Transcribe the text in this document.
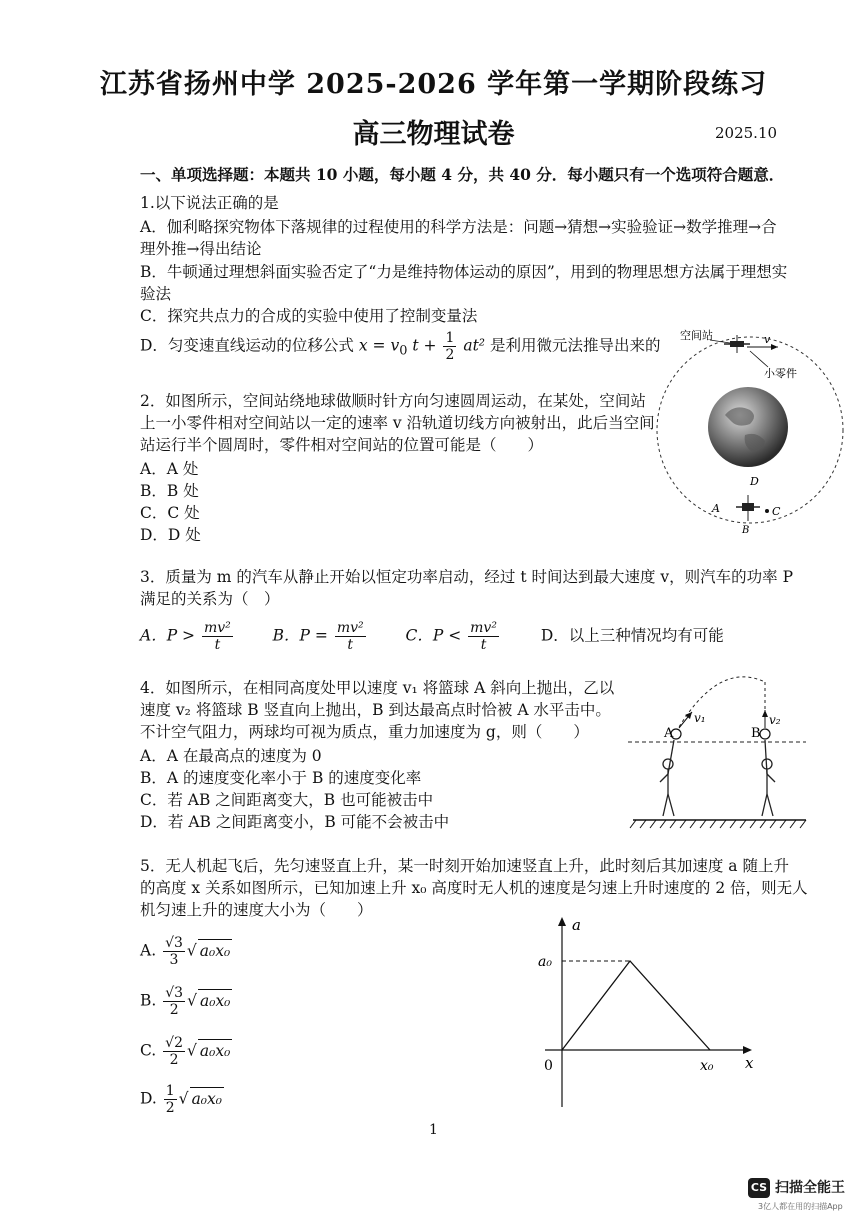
江苏省扬州中学 2025-2026 学年第一学期阶段练习
高三物理试卷	2025.10
一、单项选择题：本题共 10 小题，每小题 4 分，共 40 分．每小题只有一个选项符合题意．
1.以下说法正确的是
A．伽利略探究物体下落规律的过程使用的科学方法是：问题→猜想→实验验证→数学推理→合
理外推→得出结论
B．牛顿通过理想斜面实验否定了“力是维持物体运动的原因”，用到的物理思想方法属于理想实
验法
C．探究共点力的合成的实验中使用了控制变量法
D．匀变速直线运动的位移公式 $x = v_0$ $t + \frac{1}{2} at^2$ 是利用微元法推导出来的
2．如图所示，空间站绕地球做顺时针方向匀速圆周运动，在某处，空间站
上一小零件相对空间站以一定的速率 v 沿轨道切线方向被射出，此后当空间
站运行半个圆周时，零件相对空间站的位置可能是（　　）
A．A 处
B．B 处
C．C 处
D．D 处
v
空间站
小零件
D
A	C
B
3．质量为 m 的汽车从静止开始以恒定功率启动，经过 t 时间达到最大速度 v，则汽车的功率 P
满足的关系为（　）
A．$P > \frac{\text{mv²}}{t}$	B．$P = \frac{\text{mv²}}{t}$	C．$P < \frac{\text{mv²}}{t}$	D．以上三种情况均有可能
4．如图所示，在相同高度处甲以速度 v₁ 将篮球 A 斜向上抛出，乙以
速度 v₂ 将篮球 B 竖直向上抛出，B 到达最高点时恰被 A 水平击中。
不计空气阻力，两球均可视为质点，重力加速度为 g，则（　　）
A．A 在最高点的速度为 0
B．A 的速度变化率小于 B 的速度变化率
C．若 AB 之间距离变大，B 也可能被击中
D．若 AB 之间距离变小，B 可能不会被击中
A	B
v₁	v₂
5．无人机起飞后，先匀速竖直上升，某一时刻开始加速竖直上升，此时刻后其加速度 a 随上升
的高度 x 关系如图所示，已知加速上升 x₀ 高度时无人机的速度是匀速上升时速度的 2 倍，则无人
机匀速上升的速度大小为（　　）
A. $\frac{√3}{3}$ √ a₀x₀
B. $\frac{√3}{2}$ √ a₀x₀
C. $\frac{√2}{2}$ √ a₀x₀
D. $\frac{1}{2}$ √ a₀x₀
a
x
0
a₀
x₀
1
CS 扫描全能王
3亿人都在用的扫描App
